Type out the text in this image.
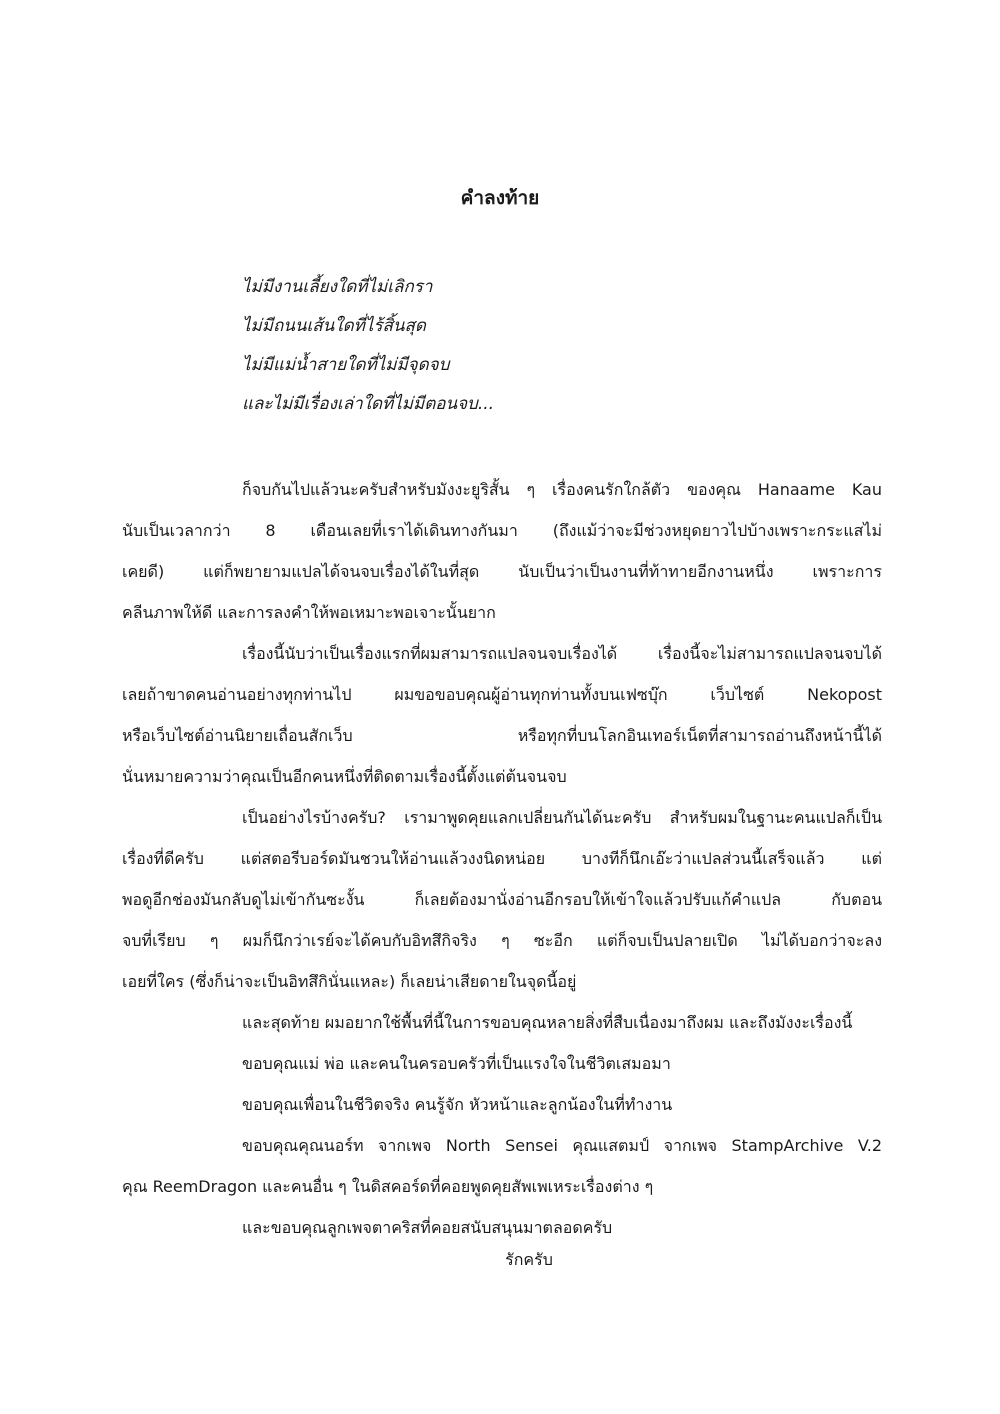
คำลงท้าย
ไม่มีงานเลี้ยงใดที่ไม่เลิกรา
ไม่มีถนนเส้นใดที่ไร้สิ้นสุด
ไม่มีแม่น้ำสายใดที่ไม่มีจุดจบ
และไม่มีเรื่องเล่าใดที่ไม่มีตอนจบ...
ก็จบกันไปแล้วนะครับสำหรับมังงะยูริสั้น ๆ เรื่องคนรักใกล้ตัว ของคุณ Hanaame Kau
นับเป็นเวลากว่า 8 เดือนเลยที่เราได้เดินทางกันมา (ถึงแม้ว่าจะมีช่วงหยุดยาวไปบ้างเพราะกระแสไม่
เคยดี) แต่ก็พยายามแปลได้จนจบเรื่องได้ในที่สุด นับเป็นว่าเป็นงานที่ท้าทายอีกงานหนึ่ง เพราะการ
คลีนภาพให้ดี และการลงคำให้พอเหมาะพอเจาะนั้นยาก
เรื่องนี้นับว่าเป็นเรื่องแรกที่ผมสามารถแปลจนจบเรื่องได้ เรื่องนี้จะไม่สามารถแปลจนจบได้
เลยถ้าขาดคนอ่านอย่างทุกท่านไป ผมขอขอบคุณผู้อ่านทุกท่านทั้งบนเฟซบุ๊ก เว็บไซต์ Nekopost
หรือเว็บไซต์อ่านนิยายเถื่อนสักเว็บ หรือทุกที่บนโลกอินเทอร์เน็ตที่สามารถอ่านถึงหน้านี้ได้
นั่นหมายความว่าคุณเป็นอีกคนหนึ่งที่ติดตามเรื่องนี้ตั้งแต่ต้นจนจบ
เป็นอย่างไรบ้างครับ? เรามาพูดคุยแลกเปลี่ยนกันได้นะครับ สำหรับผมในฐานะคนแปลก็เป็น
เรื่องที่ดีครับ แต่สตอรีบอร์ดมันชวนให้อ่านแล้วงงนิดหน่อย บางทีก็นึกเอ๊ะว่าแปลส่วนนี้เสร็จแล้ว แต่
พอดูอีกช่องมันกลับดูไม่เข้ากันซะงั้น ก็เลยต้องมานั่งอ่านอีกรอบให้เข้าใจแล้วปรับแก้คำแปล กับตอน
จบที่เรียบ ๆ ผมก็นึกว่าเรย์จะได้คบกับอิทสึกิจริง ๆ ซะอีก แต่ก็จบเป็นปลายเปิด ไม่ได้บอกว่าจะลง
เอยที่ใคร (ซึ่งก็น่าจะเป็นอิทสึกินั่นแหละ) ก็เลยน่าเสียดายในจุดนี้อยู่
และสุดท้าย ผมอยากใช้พื้นที่นี้ในการขอบคุณหลายสิ่งที่สืบเนื่องมาถึงผม และถึงมังงะเรื่องนี้
ขอบคุณแม่ พ่อ และคนในครอบครัวที่เป็นแรงใจในชีวิตเสมอมา
ขอบคุณเพื่อนในชีวิตจริง คนรู้จัก หัวหน้าและลูกน้องในที่ทำงาน
ขอบคุณคุณนอร์ท จากเพจ North Sensei คุณแสตมป์ จากเพจ StampArchive V.2
คุณ ReemDragon และคนอื่น ๆ ในดิสคอร์ดที่คอยพูดคุยสัพเพเหระเรื่องต่าง ๆ
และขอบคุณลูกเพจตาคริสที่คอยสนับสนุนมาตลอดครับ

รักครับ
